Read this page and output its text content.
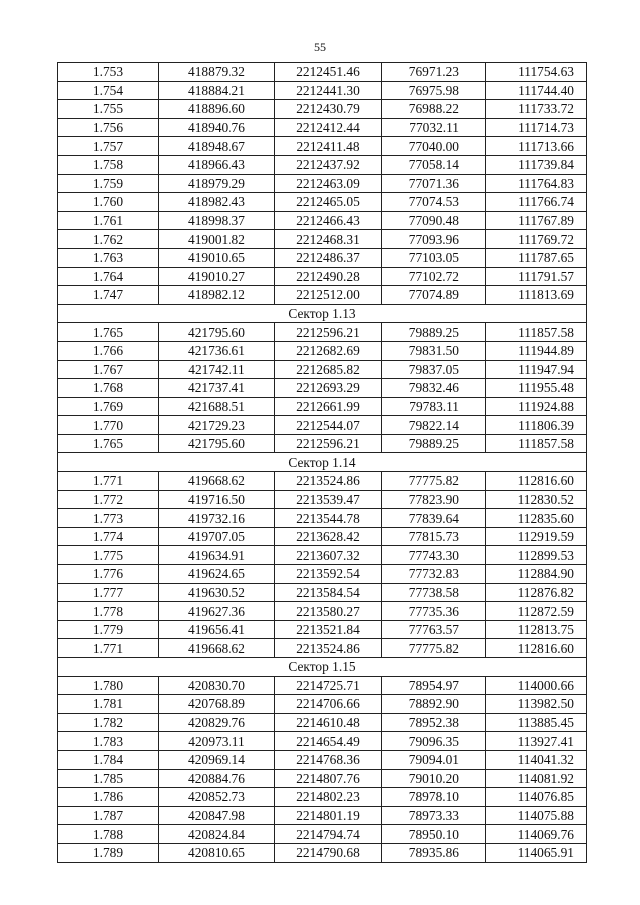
55
1.753	418879.32	2212451.46	76971.23	111754.63
1.754	418884.21	2212441.30	76975.98	111744.40
1.755	418896.60	2212430.79	76988.22	111733.72
1.756	418940.76	2212412.44	77032.11	111714.73
1.757	418948.67	2212411.48	77040.00	111713.66
1.758	418966.43	2212437.92	77058.14	111739.84
1.759	418979.29	2212463.09	77071.36	111764.83
1.760	418982.43	2212465.05	77074.53	111766.74
1.761	418998.37	2212466.43	77090.48	111767.89
1.762	419001.82	2212468.31	77093.96	111769.72
1.763	419010.65	2212486.37	77103.05	111787.65
1.764	419010.27	2212490.28	77102.72	111791.57
1.747	418982.12	2212512.00	77074.89	111813.69
Сектор 1.13				
1.765	421795.60	2212596.21	79889.25	111857.58
1.766	421736.61	2212682.69	79831.50	111944.89
1.767	421742.11	2212685.82	79837.05	111947.94
1.768	421737.41	2212693.29	79832.46	111955.48
1.769	421688.51	2212661.99	79783.11	111924.88
1.770	421729.23	2212544.07	79822.14	111806.39
1.765	421795.60	2212596.21	79889.25	111857.58
Сектор 1.14				
1.771	419668.62	2213524.86	77775.82	112816.60
1.772	419716.50	2213539.47	77823.90	112830.52
1.773	419732.16	2213544.78	77839.64	112835.60
1.774	419707.05	2213628.42	77815.73	112919.59
1.775	419634.91	2213607.32	77743.30	112899.53
1.776	419624.65	2213592.54	77732.83	112884.90
1.777	419630.52	2213584.54	77738.58	112876.82
1.778	419627.36	2213580.27	77735.36	112872.59
1.779	419656.41	2213521.84	77763.57	112813.75
1.771	419668.62	2213524.86	77775.82	112816.60
Сектор 1.15				
1.780	420830.70	2214725.71	78954.97	114000.66
1.781	420768.89	2214706.66	78892.90	113982.50
1.782	420829.76	2214610.48	78952.38	113885.45
1.783	420973.11	2214654.49	79096.35	113927.41
1.784	420969.14	2214768.36	79094.01	114041.32
1.785	420884.76	2214807.76	79010.20	114081.92
1.786	420852.73	2214802.23	78978.10	114076.85
1.787	420847.98	2214801.19	78973.33	114075.88
1.788	420824.84	2214794.74	78950.10	114069.76
1.789	420810.65	2214790.68	78935.86	114065.91
